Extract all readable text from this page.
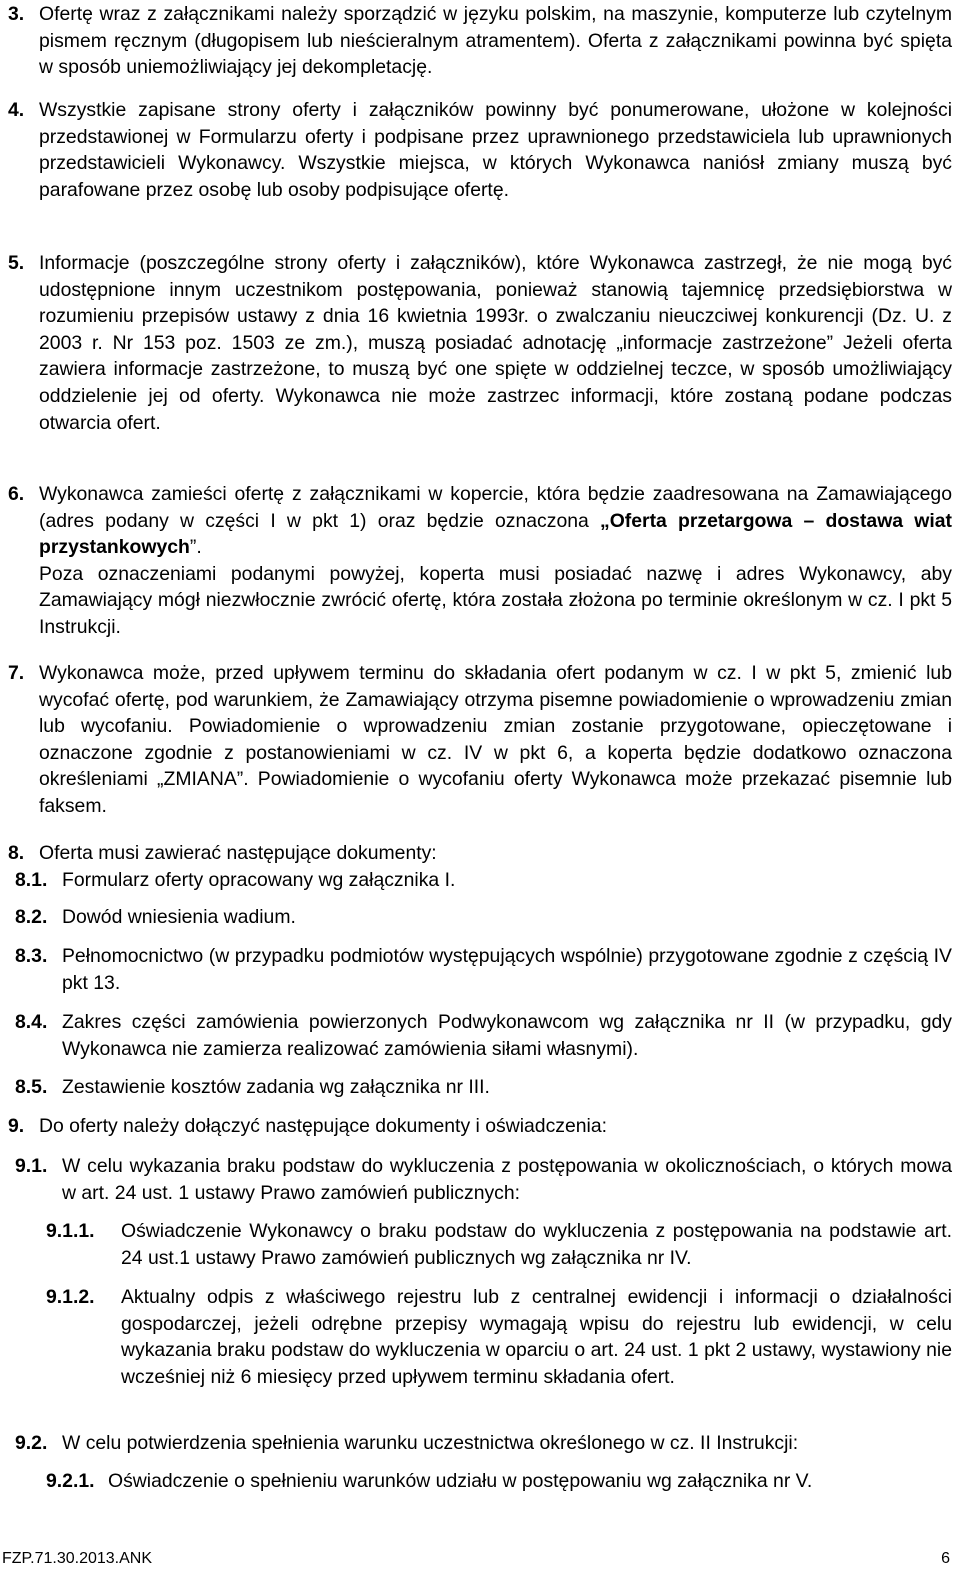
3. Ofertę wraz z załącznikami należy sporządzić w języku polskim, na maszynie, komputerze lub czytelnym pismem ręcznym (długopisem lub nieścieralnym atramentem). Oferta z załącznikami powinna być spięta w sposób uniemożliwiający jej dekompletację.

4. Wszystkie zapisane strony oferty i załączników powinny być ponumerowane, ułożone w kolejności przedstawionej w Formularzu oferty i podpisane przez uprawnionego przedstawiciela lub uprawnionych przedstawicieli Wykonawcy. Wszystkie miejsca, w których Wykonawca naniósł zmiany muszą być parafowane przez osobę lub osoby podpisujące ofertę.

5. Informacje (poszczególne strony oferty i załączników), które Wykonawca zastrzegł, że nie mogą być udostępnione innym uczestnikom postępowania, ponieważ stanowią tajemnicę przedsiębiorstwa w rozumieniu przepisów ustawy z dnia 16 kwietnia 1993r. o zwalczaniu nieuczciwej konkurencji (Dz. U. z 2003 r. Nr 153 poz. 1503 ze zm.), muszą posiadać adnotację „informacje zastrzeżone” Jeżeli oferta zawiera informacje zastrzeżone, to muszą być one spięte w oddzielnej teczce, w sposób umożliwiający oddzielenie jej od oferty. Wykonawca nie może zastrzec informacji, które zostaną podane podczas otwarcia ofert.

6. Wykonawca zamieści ofertę z załącznikami w kopercie, która będzie zaadresowana na Zamawiającego (adres podany w części I w pkt 1) oraz będzie oznaczona „Oferta przetargowa – dostawa wiat przystankowych”.

Poza oznaczeniami podanymi powyżej, koperta musi posiadać nazwę i adres Wykonawcy, aby Zamawiający mógł niezwłocznie zwrócić ofertę, która została złożona po terminie określonym w cz. I pkt 5 Instrukcji.

7. Wykonawca może, przed upływem terminu do składania ofert podanym w cz. I w pkt 5, zmienić lub wycofać ofertę, pod warunkiem, że Zamawiający otrzyma pisemne powiadomienie o wprowadzeniu zmian lub wycofaniu. Powiadomienie o wprowadzeniu zmian zostanie przygotowane, opieczętowane i oznaczone zgodnie z postanowieniami w cz. IV w pkt 6, a koperta będzie dodatkowo oznaczona określeniami „ZMIANA”. Powiadomienie o wycofaniu oferty Wykonawca może przekazać pisemnie lub faksem.

8. Oferta musi zawierać następujące dokumenty:

8.1. Formularz oferty opracowany wg załącznika I.

8.2. Dowód wniesienia wadium.

8.3. Pełnomocnictwo (w przypadku podmiotów występujących wspólnie) przygotowane zgodnie z częścią IV pkt 13.

8.4. Zakres części zamówienia powierzonych Podwykonawcom wg załącznika nr II (w przypadku, gdy Wykonawca nie zamierza realizować zamówienia siłami własnymi).

8.5. Zestawienie kosztów zadania wg załącznika nr III.

9. Do oferty należy dołączyć następujące dokumenty i oświadczenia:

9.1. W celu wykazania braku podstaw do wykluczenia z postępowania w okolicznościach, o których mowa w art. 24 ust. 1 ustawy Prawo zamówień publicznych:

9.1.1. Oświadczenie Wykonawcy o braku podstaw do wykluczenia z postępowania na podstawie art. 24 ust.1 ustawy Prawo zamówień publicznych wg załącznika nr IV.

9.1.2. Aktualny odpis z właściwego rejestru lub z centralnej ewidencji i informacji o działalności gospodarczej, jeżeli odrębne przepisy wymagają wpisu do rejestru lub ewidencji, w celu wykazania braku podstaw do wykluczenia w oparciu o art. 24 ust. 1 pkt 2 ustawy, wystawiony nie wcześniej niż 6 miesięcy przed upływem terminu składania ofert.

9.2. W celu potwierdzenia spełnienia warunku uczestnictwa określonego w cz. II Instrukcji:

9.2.1. Oświadczenie o spełnieniu warunków udziału w postępowaniu wg załącznika nr V.

FZP.71.30.2013.ANK	6
